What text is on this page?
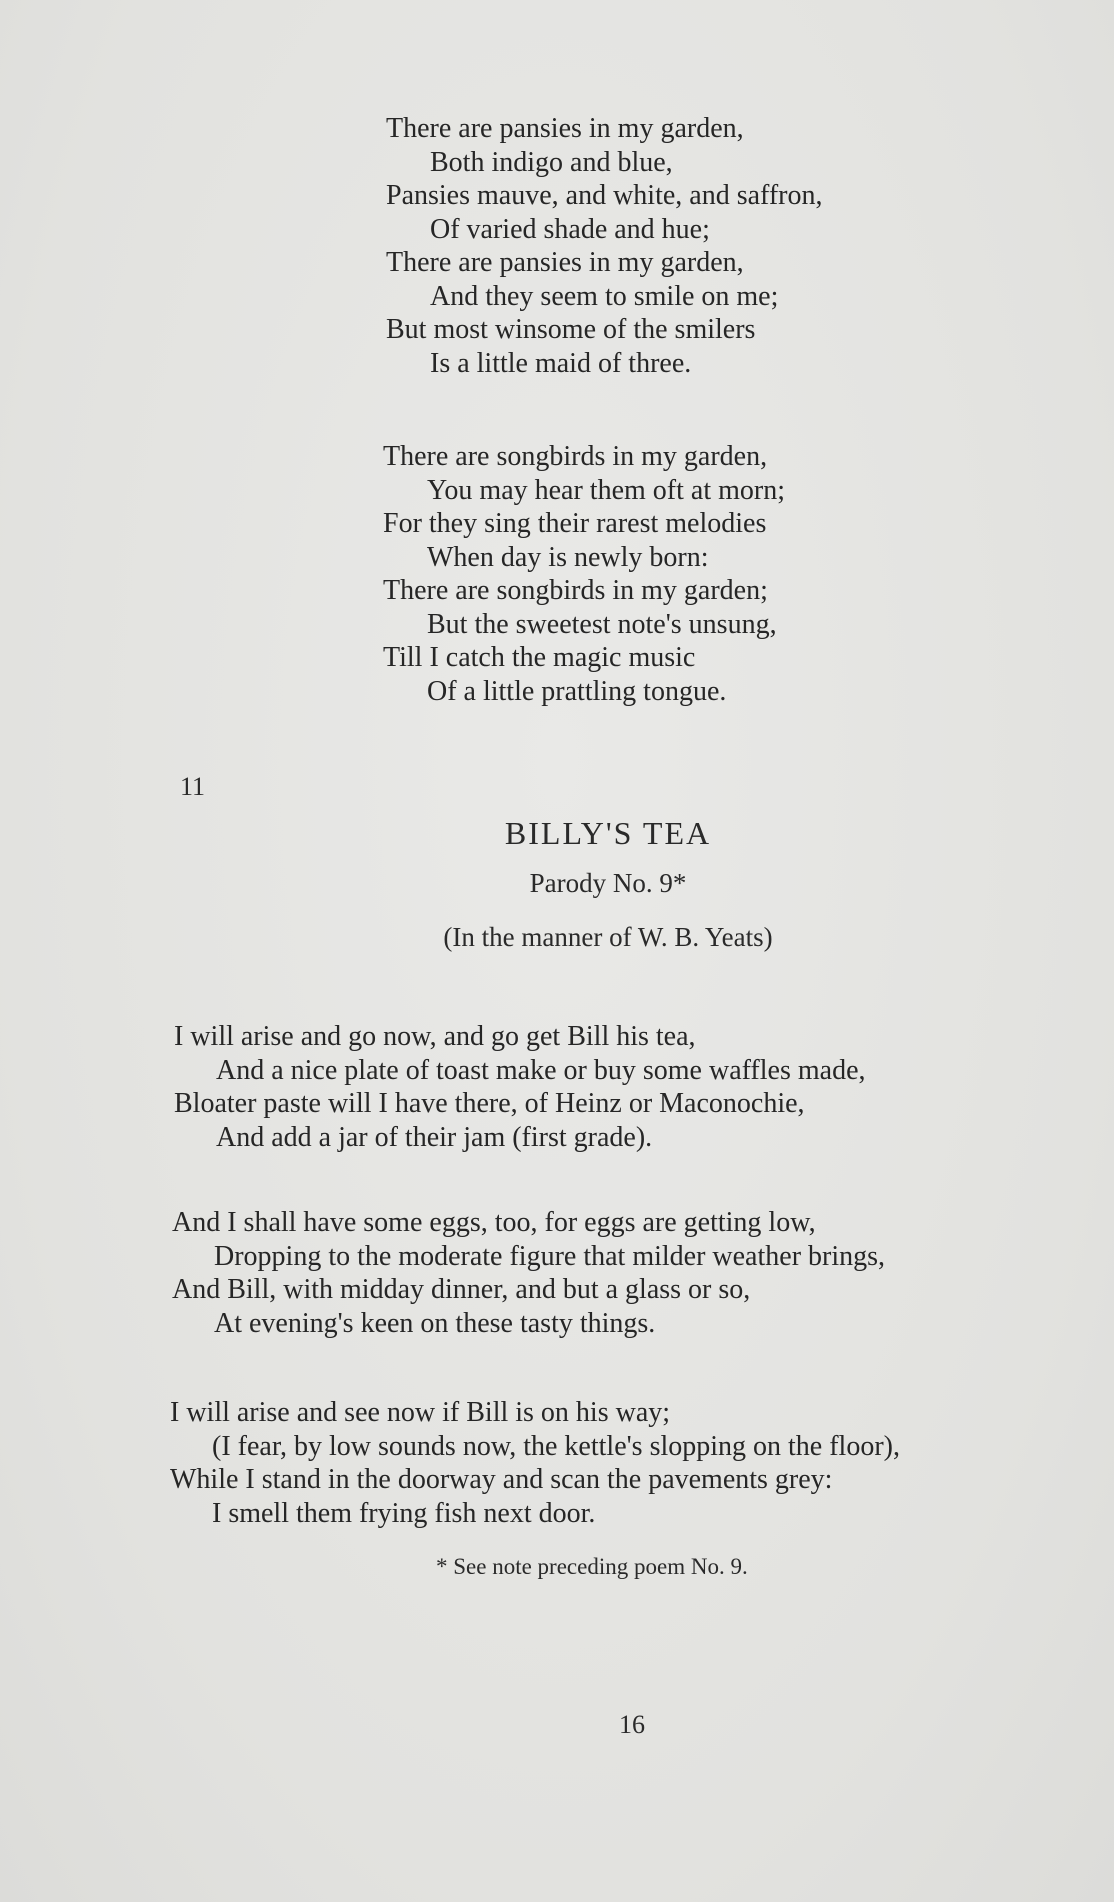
There are pansies in my garden,
Both indigo and blue,
Pansies mauve, and white, and saffron,
Of varied shade and hue;
There are pansies in my garden,
And they seem to smile on me;
But most winsome of the smilers
Is a little maid of three.
There are songbirds in my garden,
You may hear them oft at morn;
For they sing their rarest melodies
When day is newly born:
There are songbirds in my garden;
But the sweetest note's unsung,
Till I catch the magic music
Of a little prattling tongue.
11
BILLY'S TEA
Parody No. 9*
(In the manner of W. B. Yeats)
I will arise and go now, and go get Bill his tea,
And a nice plate of toast make or buy some waffles made,
Bloater paste will I have there, of Heinz or Maconochie,
And add a jar of their jam (first grade).
And I shall have some eggs, too, for eggs are getting low,
Dropping to the moderate figure that milder weather brings,
And Bill, with midday dinner, and but a glass or so,
At evening's keen on these tasty things.
I will arise and see now if Bill is on his way;
(I fear, by low sounds now, the kettle's slopping on the floor),
While I stand in the doorway and scan the pavements grey:
I smell them frying fish next door.
* See note preceding poem No. 9.
16
